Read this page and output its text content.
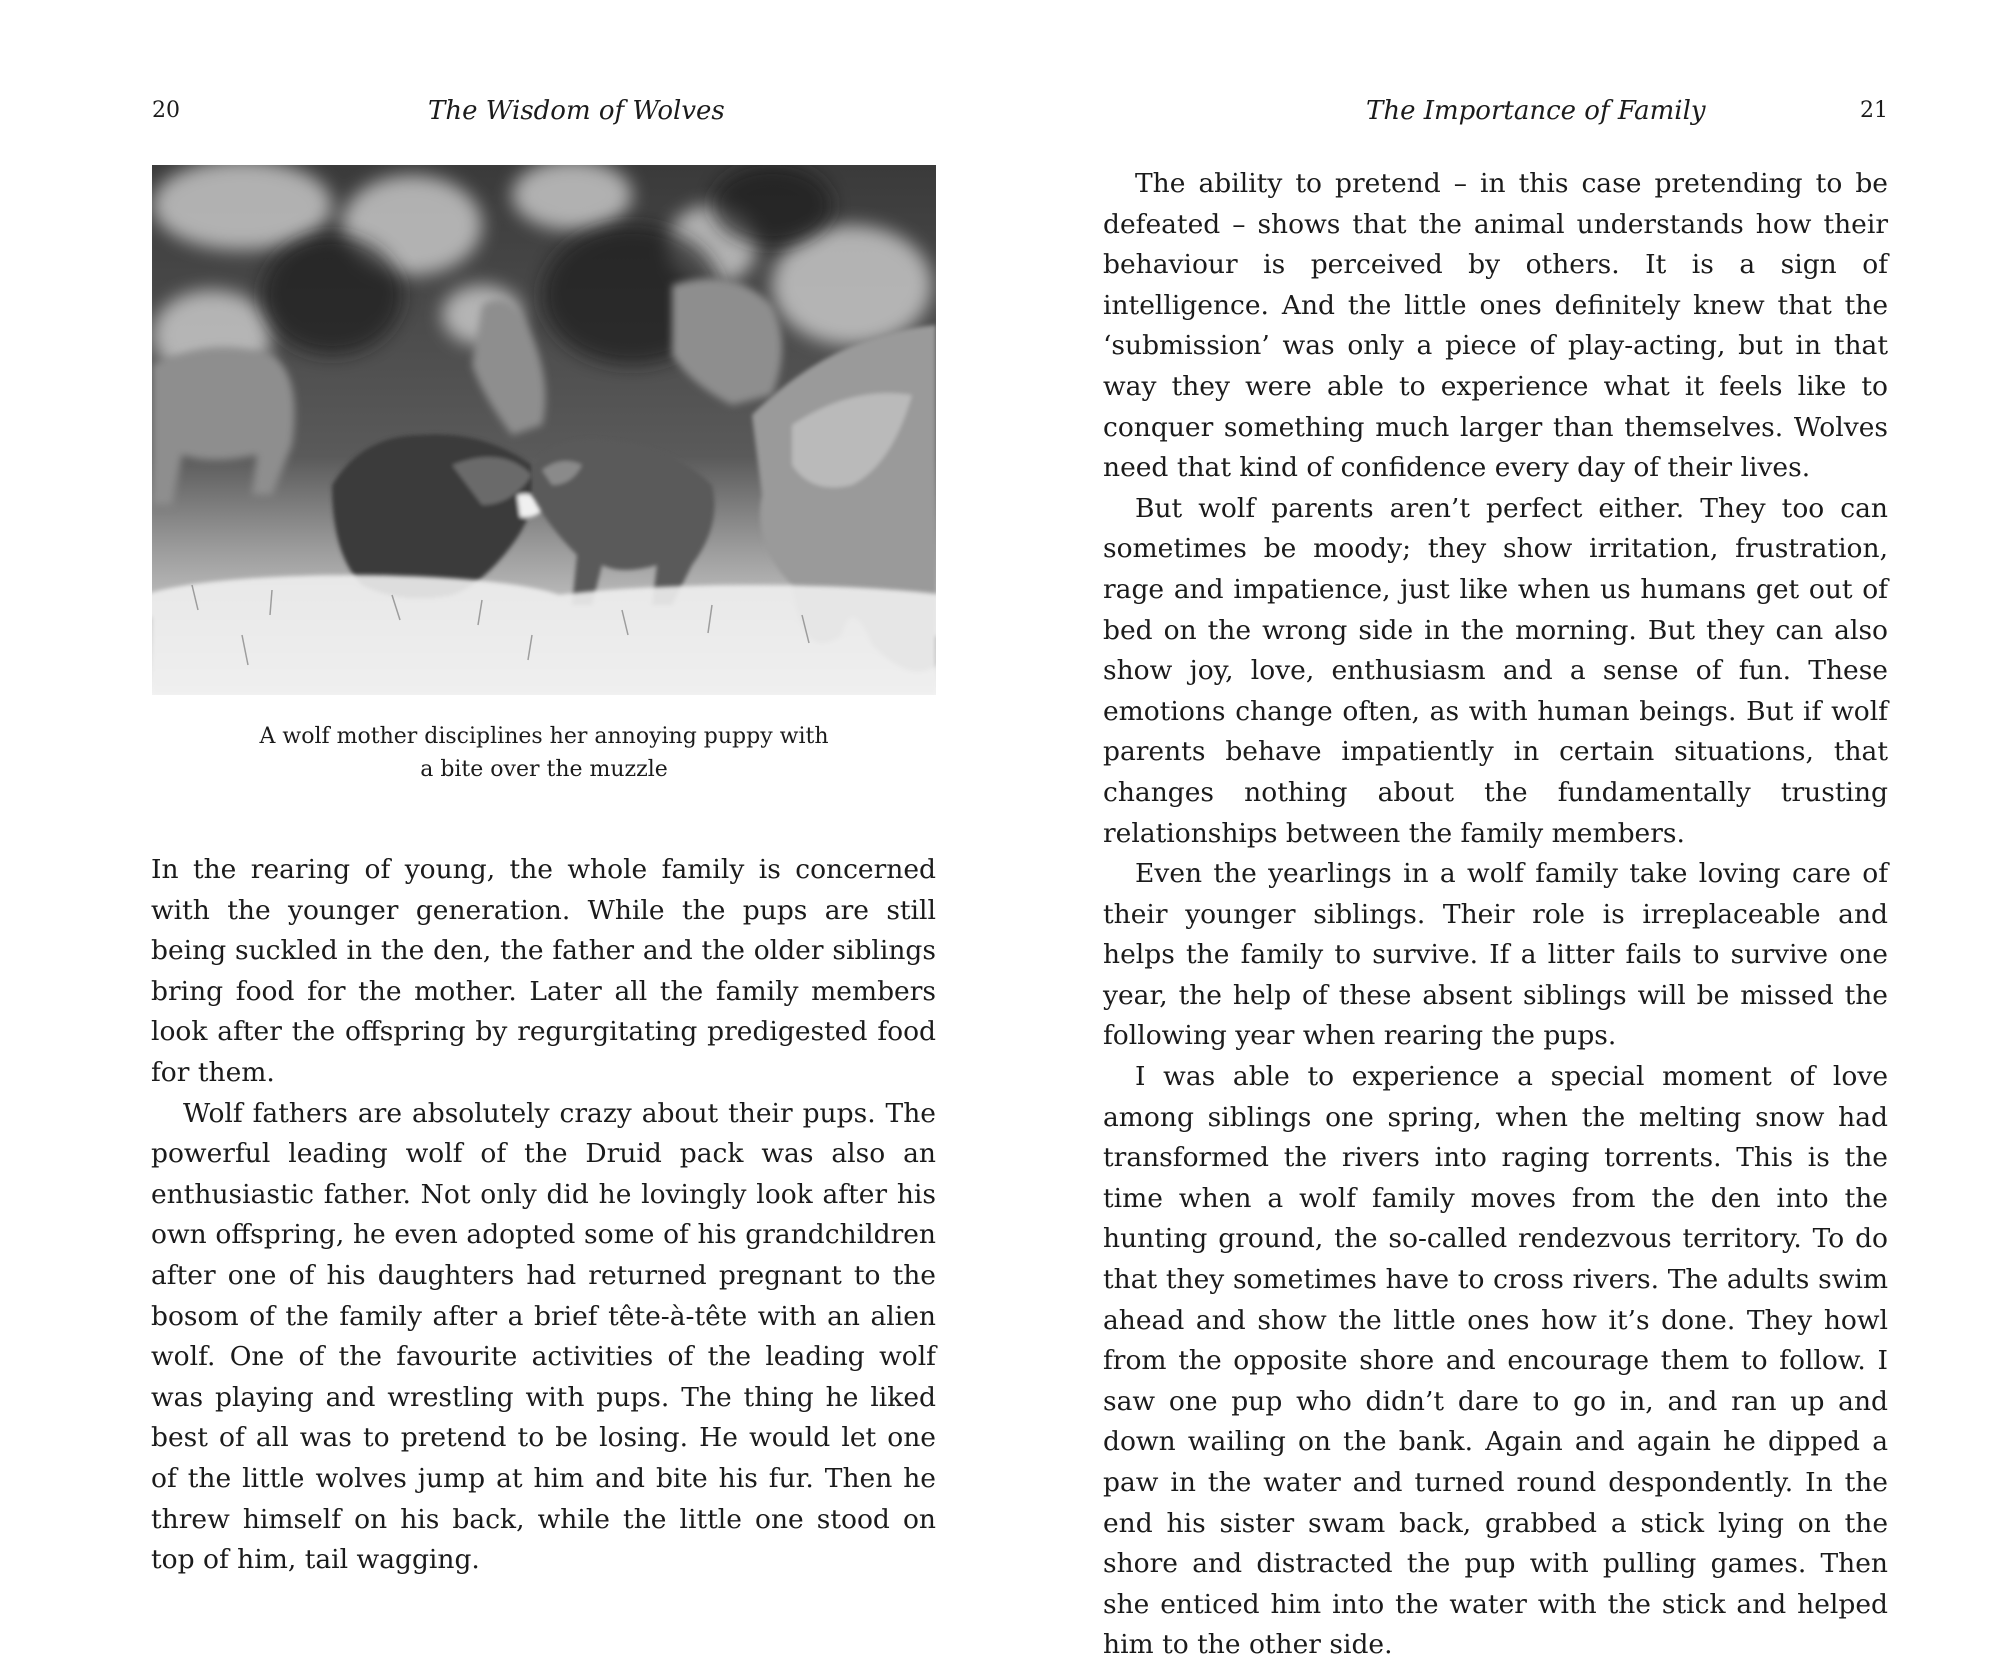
20	The Wisdom of Wolves
A wolf mother disciplines her annoying puppy with
a bite over the muzzle

In the rearing of young, the whole family is concerned with the younger generation. While the pups are still being suckled in the den, the father and the older siblings bring food for the mother. Later all the family members look after the offspring by regurgitating predigested food for them.

Wolf fathers are absolutely crazy about their pups. The powerful leading wolf of the Druid pack was also an enthusiastic father. Not only did he lovingly look after his own offspring, he even adopted some of his grandchildren after one of his daughters had returned pregnant to the bosom of the family after a brief tête-à-tête with an alien wolf. One of the favourite activities of the leading wolf was playing and wrestling with pups. The thing he liked best of all was to pretend to be losing. He would let one of the little wolves jump at him and bite his fur. Then he threw himself on his back, while the little one stood on top of him, tail wagging.

The Importance of Family	21

The ability to pretend – in this case pretending to be defeated – shows that the animal understands how their behaviour is perceived by others. It is a sign of intelligence. And the little ones definitely knew that the ‘submission’ was only a piece of play-acting, but in that way they were able to experience what it feels like to conquer something much larger than themselves. Wolves need that kind of confidence every day of their lives.

But wolf parents aren’t perfect either. They too can sometimes be moody; they show irritation, frustration, rage and impatience, just like when us humans get out of bed on the wrong side in the morning. But they can also show joy, love, enthusiasm and a sense of fun. These emotions change often, as with human beings. But if wolf parents behave impatiently in certain situations, that changes nothing about the fundamentally trusting relationships between the family members.

Even the yearlings in a wolf family take loving care of their younger siblings. Their role is irreplaceable and helps the family to survive. If a litter fails to survive one year, the help of these absent siblings will be missed the following year when rearing the pups.

I was able to experience a special moment of love among siblings one spring, when the melting snow had transformed the rivers into raging torrents. This is the time when a wolf family moves from the den into the hunting ground, the so-called rendezvous territory. To do that they sometimes have to cross rivers. The adults swim ahead and show the little ones how it’s done. They howl from the opposite shore and encourage them to follow. I saw one pup who didn’t dare to go in, and ran up and down wailing on the bank. Again and again he dipped a paw in the water and turned round despondently. In the end his sister swam back, grabbed a stick lying on the shore and distracted the pup with pulling games. Then she enticed him into the water with the stick and helped him to the other side.
